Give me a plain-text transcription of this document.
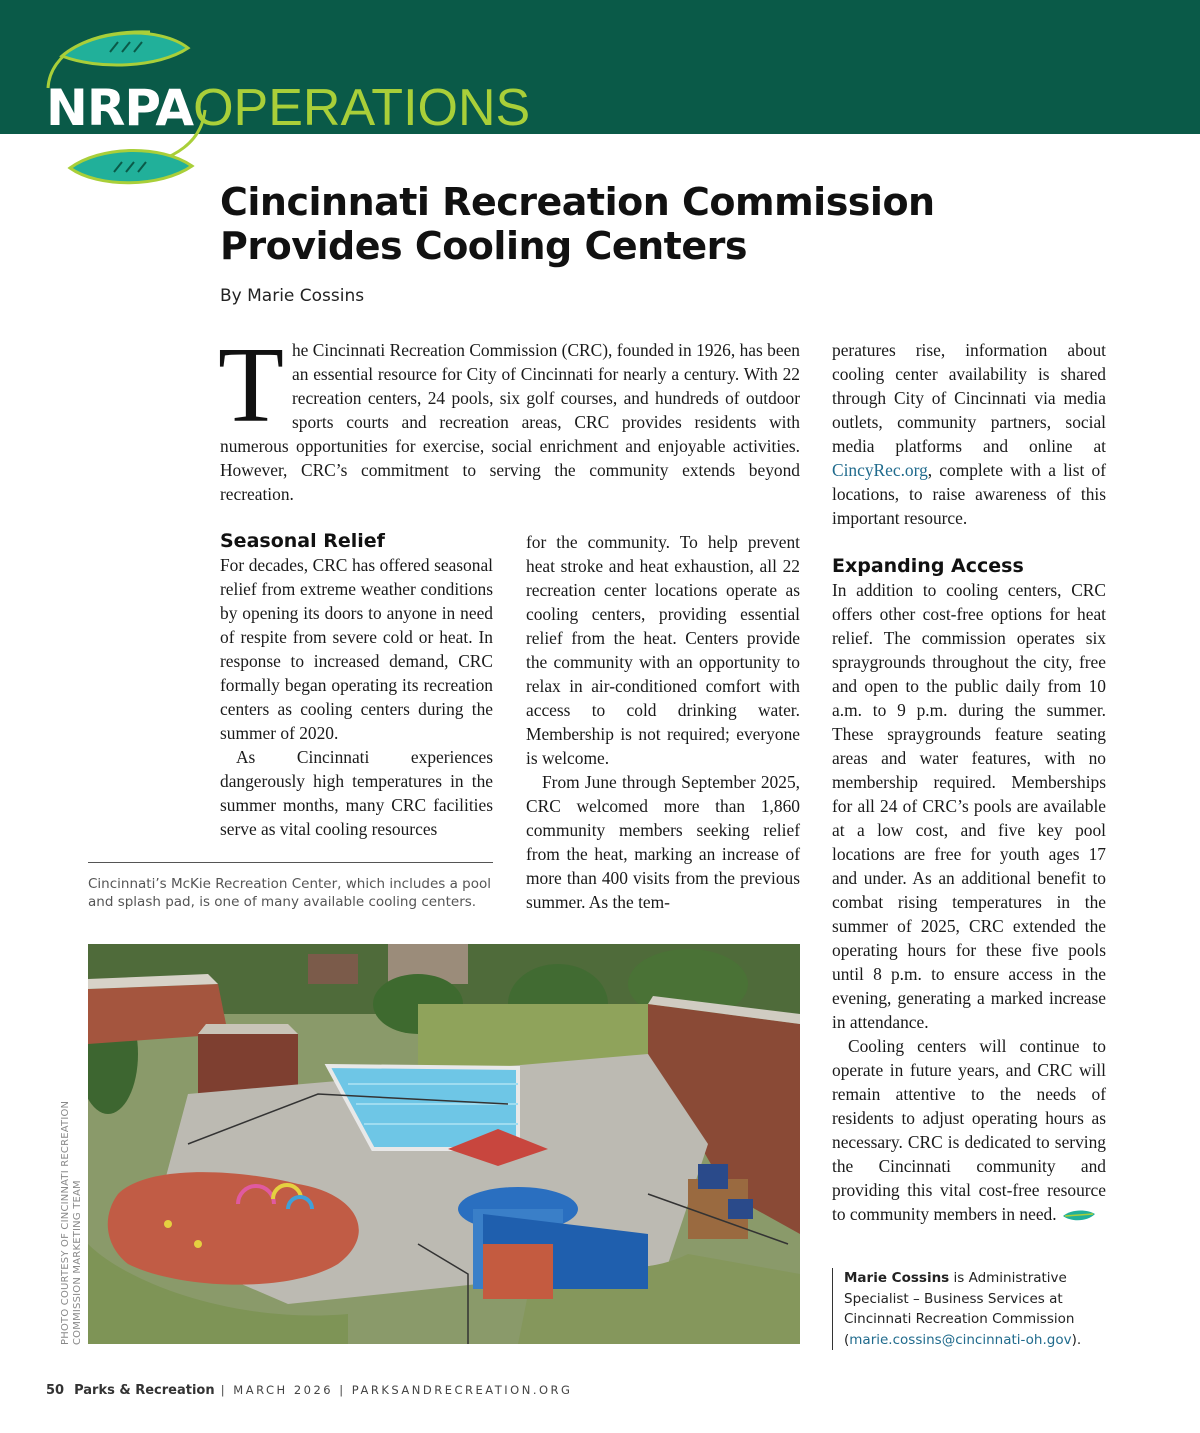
NRPAOPERATIONS
Cincinnati Recreation Commission Provides Cooling Centers
By Marie Cossins
T he Cincinnati Recreation Commission (CRC), founded in 1926, has been an essential resource for City of Cincinnati for nearly a century. With 22 recreation centers, 24 pools, six golf courses, and hundreds of outdoor sports courts and recreation areas, CRC provides residents with numerous opportunities for exercise, social enrichment and enjoyable activities. However, CRC’s commitment to serving the community extends beyond recreation.
Seasonal Relief

For decades, CRC has offered seasonal relief from extreme weather conditions by opening its doors to anyone in need of respite from severe cold or heat. In response to increased demand, CRC formally began operating its recreation centers as cooling centers during the summer of 2020.

As Cincinnati experiences dangerously high temperatures in the summer months, many CRC facilities serve as vital cooling resources

for the community. To help prevent heat stroke and heat exhaustion, all 22 recreation center locations operate as cooling centers, providing essential relief from the heat. Centers provide the community with an opportunity to relax in air-conditioned comfort with access to cold drinking water. Membership is not required; everyone is welcome.

From June through September 2025, CRC welcomed more than 1,860 community members seeking relief from the heat, marking an increase of more than 400 visits from the previous summer. As the tem-

peratures rise, information about cooling center availability is shared through City of Cincinnati via media outlets, community partners, social media platforms and online at CincyRec.org, complete with a list of locations, to raise awareness of this important resource.

Expanding Access

In addition to cooling centers, CRC offers other cost-free options for heat relief. The commission operates six spraygrounds throughout the city, free and open to the public daily from 10 a.m. to 9 p.m. during the summer. These spraygrounds feature seating areas and water features, with no membership required. Memberships for all 24 of CRC’s pools are available at a low cost, and five key pool locations are free for youth ages 17 and under. As an additional benefit to combat rising temperatures in the summer of 2025, CRC extended the operating hours for these five pools until 8 p.m. to ensure access in the evening, generating a marked increase in attendance.

Cooling centers will continue to operate in future years, and CRC will remain attentive to the needs of residents to adjust operating hours as necessary. CRC is dedicated to serving the Cincinnati community and providing this vital cost-free resource to community members in need.

Cincinnati’s McKie Recreation Center, which includes a pool and splash pad, is one of many available cooling centers.
PHOTO COURTESY OF CINCINNATI RECREATION COMMISSION MARKETING TEAM	Marie Cossins is Administrative Specialist – Business Services at Cincinnati Recreation Commission (marie.cossins@cincinnati-oh.gov).
50 Parks & Recreation | MARCH 2026 | PARKSANDRECREATION.ORG
